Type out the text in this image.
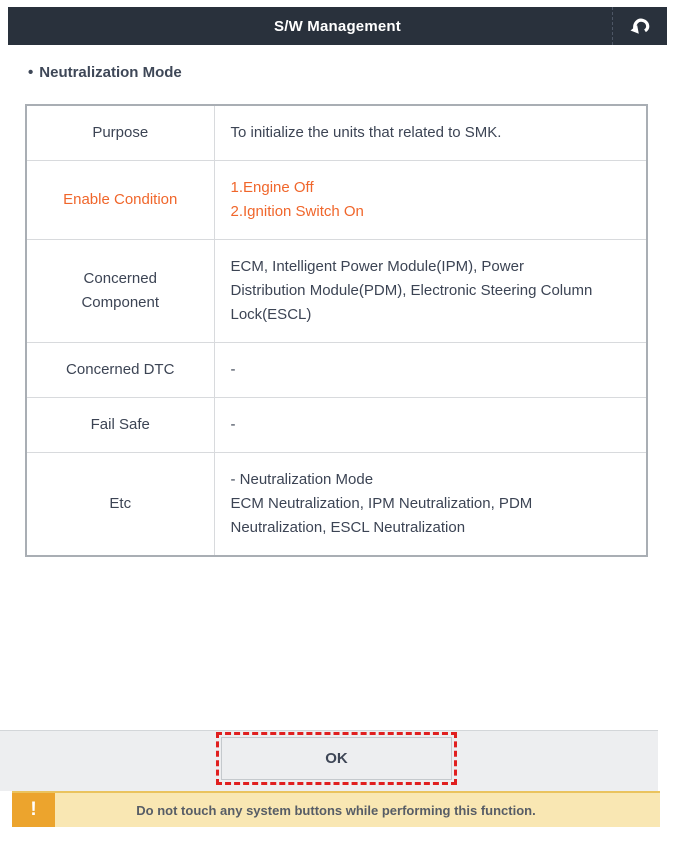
S/W Management
• Neutralization Mode
Purpose	To initialize the units that related to SMK.

Enable Condition	1.Engine Off
2.Ignition Switch On

Concerned Component	ECM, Intelligent Power Module(IPM), Power Distribution Module(PDM), Electronic Steering Column Lock(ESCL)

Concerned DTC	-

Fail Safe	-

Etc	- Neutralization Mode
ECM Neutralization, IPM Neutralization, PDM Neutralization, ESCL Neutralization
OK
!	Do not touch any system buttons while performing this function.
